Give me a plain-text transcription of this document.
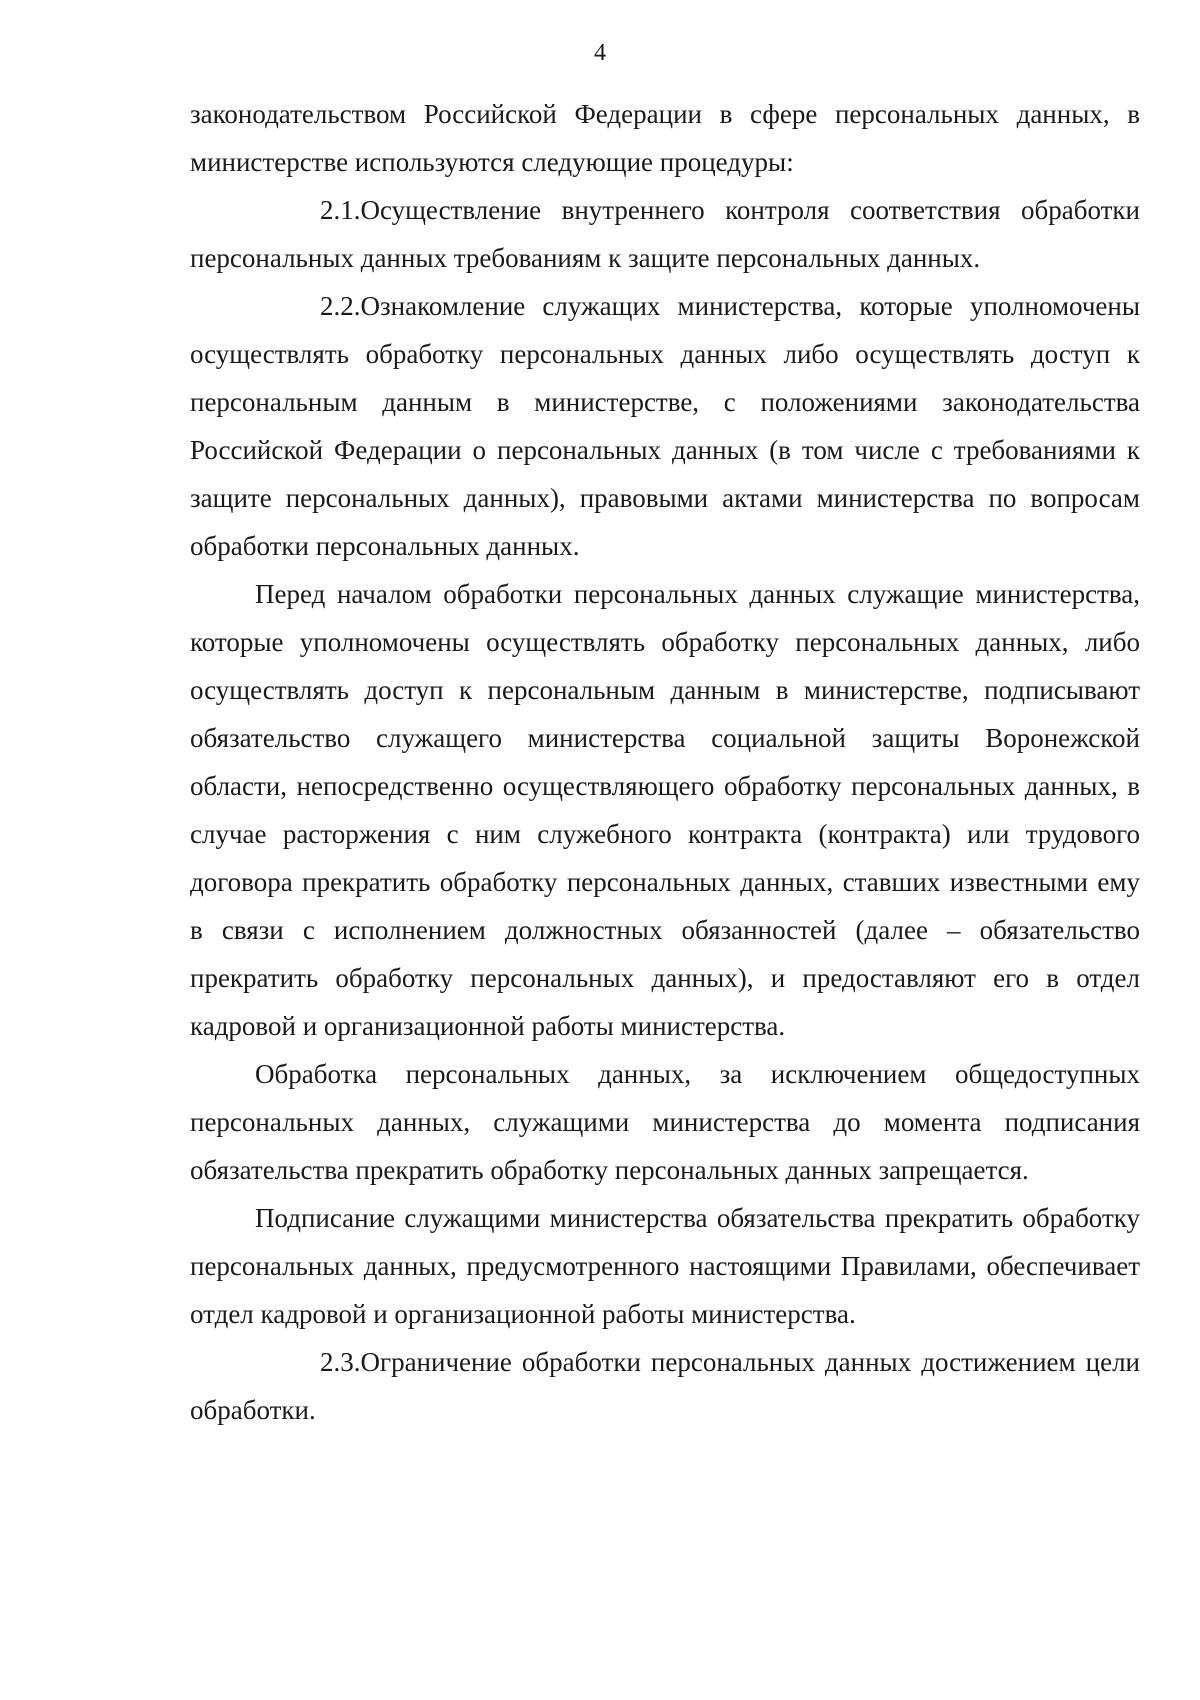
4

законодательством Российской Федерации в сфере персональных данных, в министерстве используются следующие процедуры:

2.1.Осуществление внутреннего контроля соответствия обработки персональных данных требованиям к защите персональных данных.

2.2.Ознакомление служащих министерства, которые уполномочены осуществлять обработку персональных данных либо осуществлять доступ к персональным данным в министерстве, с положениями законодательства Российской Федерации о персональных данных (в том числе с требованиями к защите персональных данных), правовыми актами министерства по вопросам обработки персональных данных.

Перед началом обработки персональных данных служащие министерства, которые уполномочены осуществлять обработку персональных данных, либо осуществлять доступ к персональным данным в министерстве, подписывают обязательство служащего министерства социальной защиты Воронежской области, непосредственно осуществляющего обработку персональных данных, в случае расторжения с ним служебного контракта (контракта) или трудового договора прекратить обработку персональных данных, ставших известными ему в связи с исполнением должностных обязанностей (далее – обязательство прекратить обработку персональных данных), и предоставляют его в отдел кадровой и организационной работы министерства.

Обработка персональных данных, за исключением общедоступных персональных данных, служащими министерства до момента подписания обязательства прекратить обработку персональных данных запрещается.

Подписание служащими министерства обязательства прекратить обработку персональных данных, предусмотренного настоящими Правилами, обеспечивает отдел кадровой и организационной работы министерства.

2.3.Ограничение обработки персональных данных достижением цели обработки.
